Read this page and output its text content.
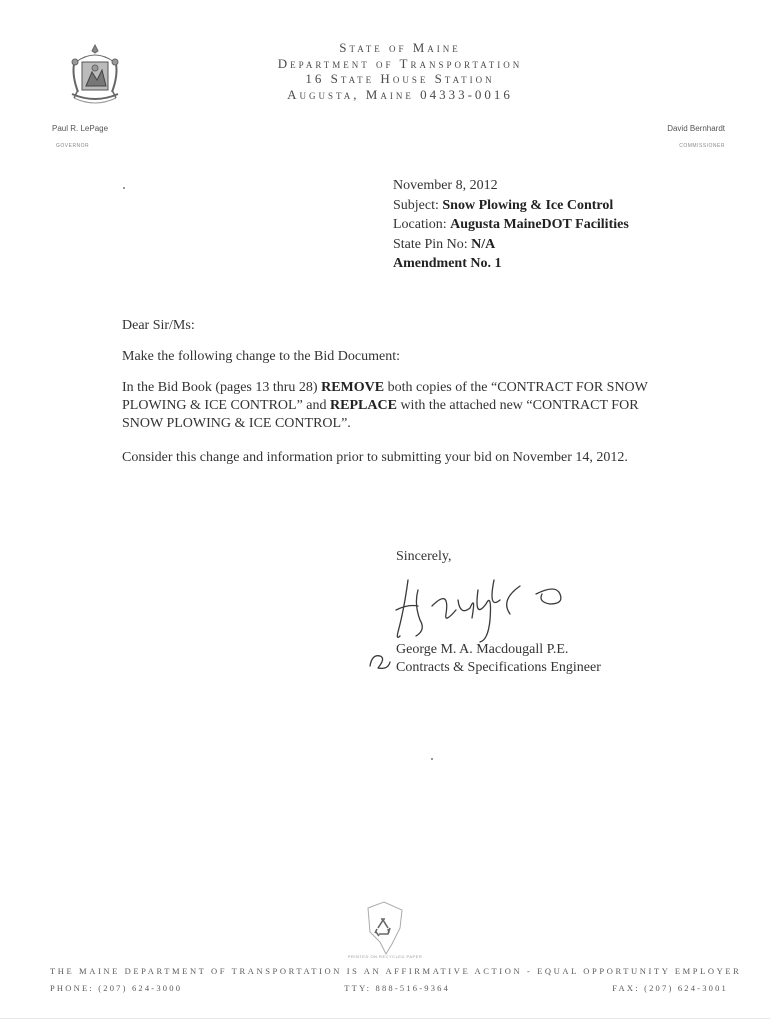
State of Maine
Department of Transportation
16 State House Station
Augusta, Maine 04333-0016
Paul R. LePage
GOVERNOR
David Bernhardt
COMMISSIONER
November 8, 2012
Subject: Snow Plowing & Ice Control
Location: Augusta MaineDOT Facilities
State Pin No: N/A
Amendment No. 1

Dear Sir/Ms:

Make the following change to the Bid Document:

In the Bid Book (pages 13 thru 28) REMOVE both copies of the “CONTRACT FOR SNOW PLOWING & ICE CONTROL” and REPLACE with the attached new “CONTRACT FOR SNOW PLOWING & ICE CONTROL”.

Consider this change and information prior to submitting your bid on November 14, 2012.

Sincerely,
George M. A. Macdougall P.E.
Contracts & Specifications Engineer
PRINTED ON RECYCLED PAPER
THE MAINE DEPARTMENT OF TRANSPORTATION IS AN AFFIRMATIVE ACTION - EQUAL OPPORTUNITY EMPLOYER
PHONE: (207) 624-3000	TTY: 888-516-9364	FAX: (207) 624-3001
